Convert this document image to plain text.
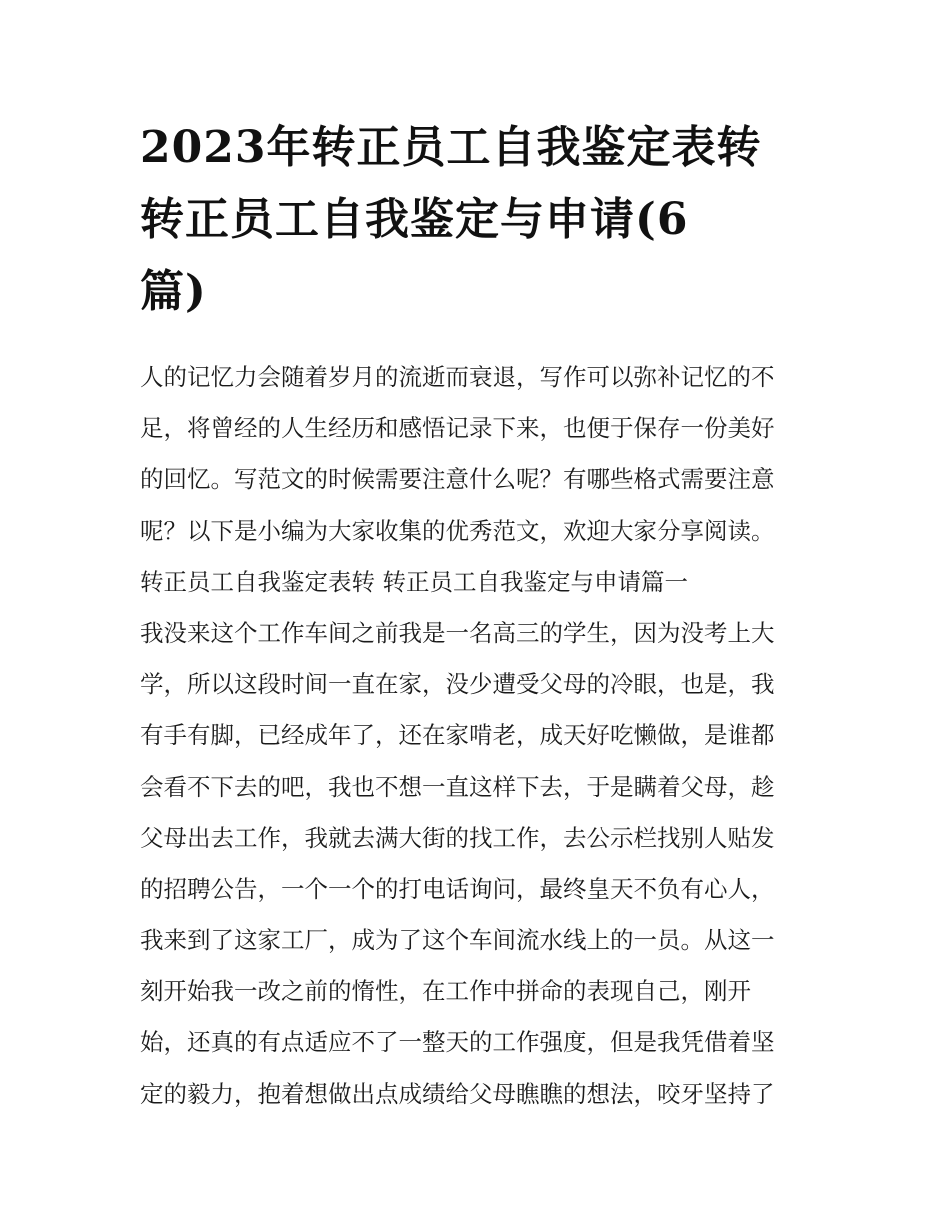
2023年转正员工自我鉴定表转
转正员工自我鉴定与申请(6
篇)
人的记忆力会随着岁月的流逝而衰退，写作可以弥补记忆的不
足，将曾经的人生经历和感悟记录下来，也便于保存一份美好
的回忆。写范文的时候需要注意什么呢？有哪些格式需要注意
呢？以下是小编为大家收集的优秀范文，欢迎大家分享阅读。
转正员工自我鉴定表转 转正员工自我鉴定与申请篇一
我没来这个工作车间之前我是一名高三的学生，因为没考上大
学，所以这段时间一直在家，没少遭受父母的冷眼，也是，我
有手有脚，已经成年了，还在家啃老，成天好吃懒做，是谁都
会看不下去的吧，我也不想一直这样下去，于是瞒着父母，趁
父母出去工作，我就去满大街的找工作，去公示栏找别人贴发
的招聘公告，一个一个的打电话询问，最终皇天不负有心人，
我来到了这家工厂，成为了这个车间流水线上的一员。从这一
刻开始我一改之前的惰性，在工作中拼命的表现自己，刚开
始，还真的有点适应不了一整天的工作强度，但是我凭借着坚
定的毅力，抱着想做出点成绩给父母瞧瞧的想法，咬牙坚持了
